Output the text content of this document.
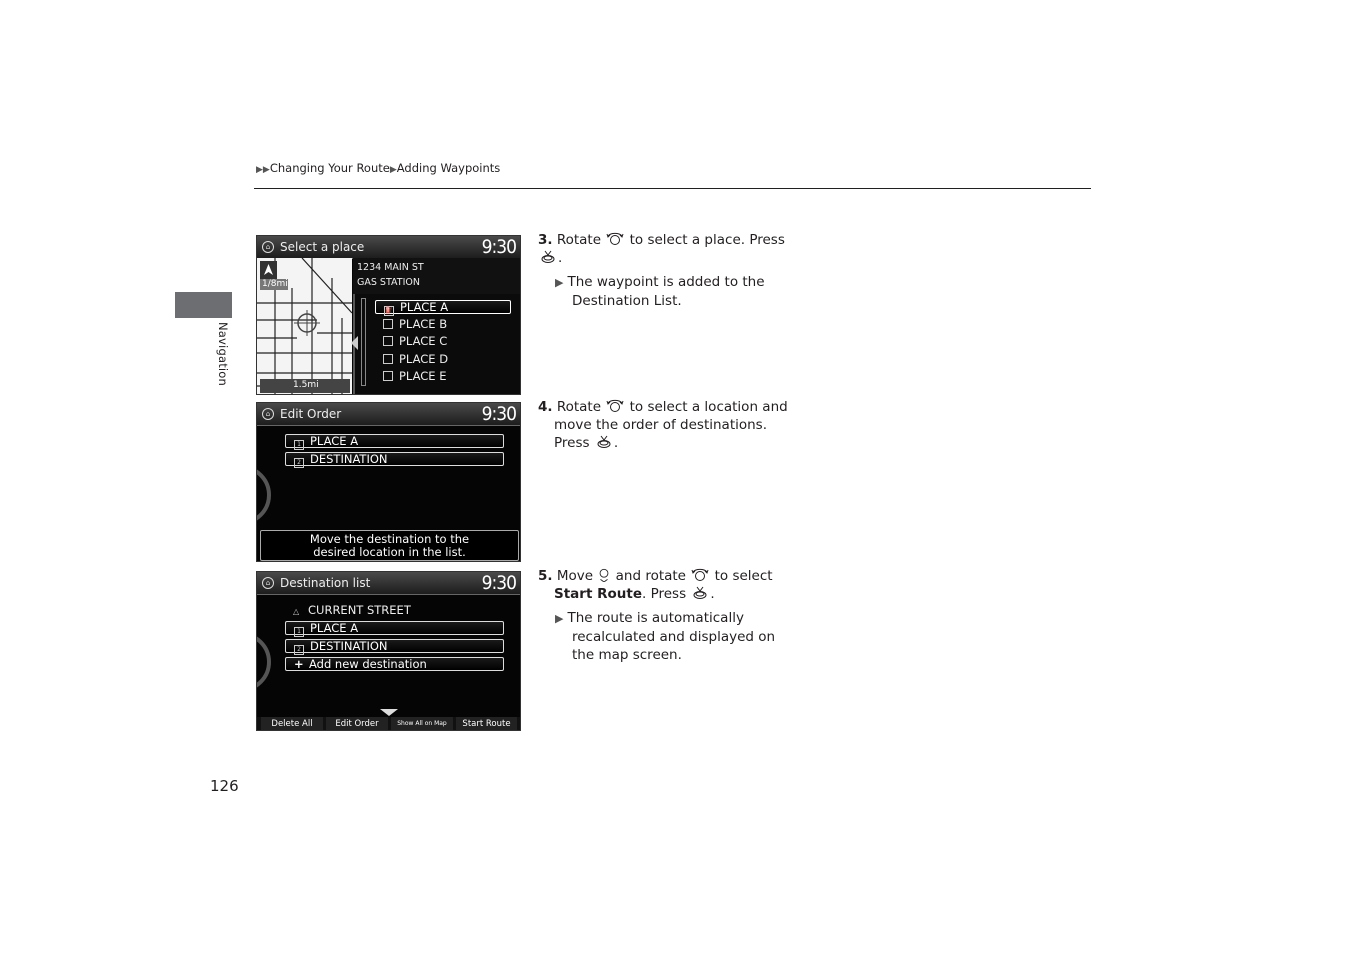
▶▶Changing Your Route▶Adding Waypoints
Navigation
⌂ Select a place	9:30
1/8mi
1.5mi
1234 MAIN ST
GAS STATION
⛽ PLACE A
PLACE B
PLACE C
PLACE D
PLACE E
⌂ Edit Order	9:30
1 PLACE A
2 DESTINATION
Move the destination to the
desired location in the list.
⌂ Destination list	9:30
△ CURRENT STREET
1 PLACE A
2 DESTINATION
+ Add new destination
Delete All	Edit Order	Show All on Map	Start Route
3. Rotate to select a place. Press
.
▶ The waypoint is added to the
Destination List.
4. Rotate to select a location and
move the order of destinations.
Press .
5. Move and rotate to select
Start Route. Press .
▶ The route is automatically
recalculated and displayed on
the map screen.
126
